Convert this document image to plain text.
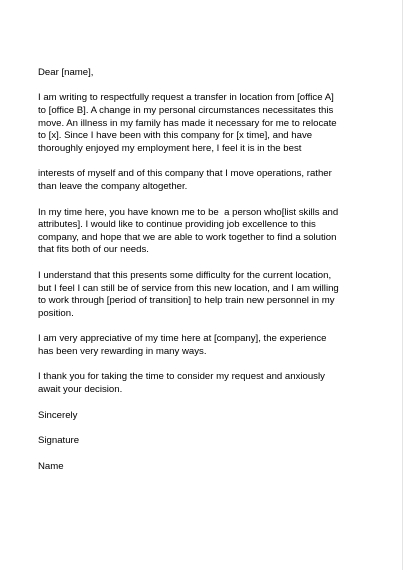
Dear [name],
I am writing to respectfully request a transfer in location from [office A]
to [office B]. A change in my personal circumstances necessitates this
move. An illness in my family has made it necessary for me to relocate
to [x]. Since I have been with this company for [x time], and have
thoroughly enjoyed my employment here, I feel it is in the best
interests of myself and of this company that I move operations, rather
than leave the company altogether.
In my time here, you have known me to be  a person who[list skills and
attributes]. I would like to continue providing job excellence to this
company, and hope that we are able to work together to find a solution
that fits both of our needs.
I understand that this presents some difficulty for the current location,
but I feel I can still be of service from this new location, and I am willing
to work through [period of transition] to help train new personnel in my
position.
I am very appreciative of my time here at [company], the experience
has been very rewarding in many ways.
I thank you for taking the time to consider my request and anxiously
await your decision.
Sincerely
Signature
Name
